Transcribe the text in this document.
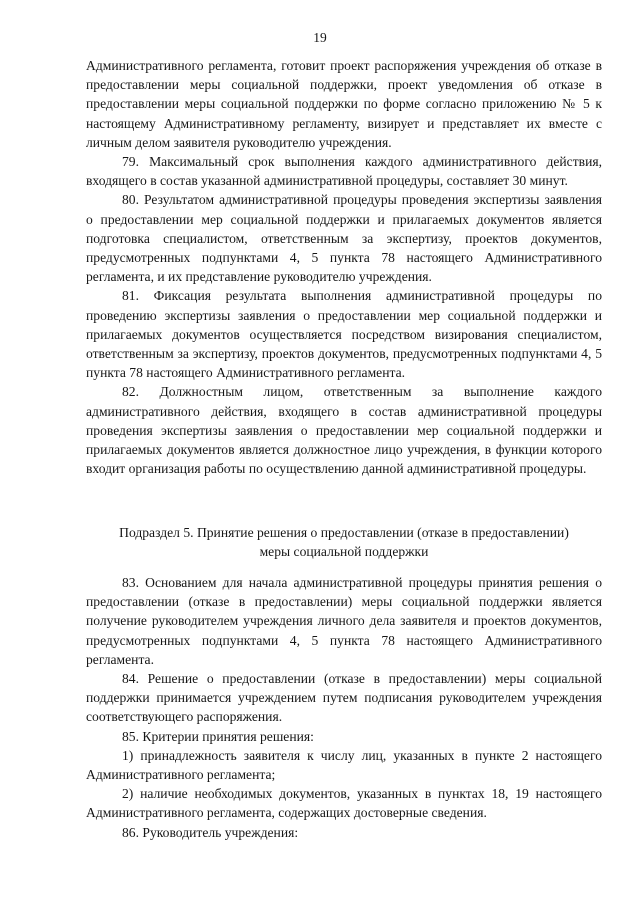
19

Административного регламента, готовит проект распоряжения учреждения об отказе в предоставлении меры социальной поддержки, проект уведомления об отказе в предоставлении меры социальной поддержки по форме согласно приложению № 5 к настоящему Административному регламенту, визирует и представляет их вместе с личным делом заявителя руководителю учреждения.

79. Максимальный срок выполнения каждого административного действия, входящего в состав указанной административной процедуры, составляет 30 минут.

80. Результатом административной процедуры проведения экспертизы заявления о предоставлении мер социальной поддержки и прилагаемых документов является подготовка специалистом, ответственным за экспертизу, проектов документов, предусмотренных подпунктами 4, 5 пункта 78 настоящего Административного регламента, и их представление руководителю учреждения.

81. Фиксация результата выполнения административной процедуры по проведению экспертизы заявления о предоставлении мер социальной поддержки и прилагаемых документов осуществляется посредством визирования специалистом, ответственным за экспертизу, проектов документов, предусмотренных подпунктами 4, 5 пункта 78 настоящего Административного регламента.

82. Должностным лицом, ответственным за выполнение каждого административного действия, входящего в состав административной процедуры проведения экспертизы заявления о предоставлении мер социальной поддержки и прилагаемых документов является должностное лицо учреждения, в функции которого входит организация работы по осуществлению данной административной процедуры.

Подраздел 5. Принятие решения о предоставлении (отказе в предоставлении)
меры социальной поддержки

83. Основанием для начала административной процедуры принятия решения о предоставлении (отказе в предоставлении) меры социальной поддержки является получение руководителем учреждения личного дела заявителя и проектов документов, предусмотренных подпунктами 4, 5 пункта 78 настоящего Административного регламента.

84. Решение о предоставлении (отказе в предоставлении) меры социальной поддержки принимается учреждением путем подписания руководителем учреждения соответствующего распоряжения.

85. Критерии принятия решения:

1) принадлежность заявителя к числу лиц, указанных в пункте 2 настоящего Административного регламента;

2) наличие необходимых документов, указанных в пунктах 18, 19 настоящего Административного регламента, содержащих достоверные сведения.

86. Руководитель учреждения:
